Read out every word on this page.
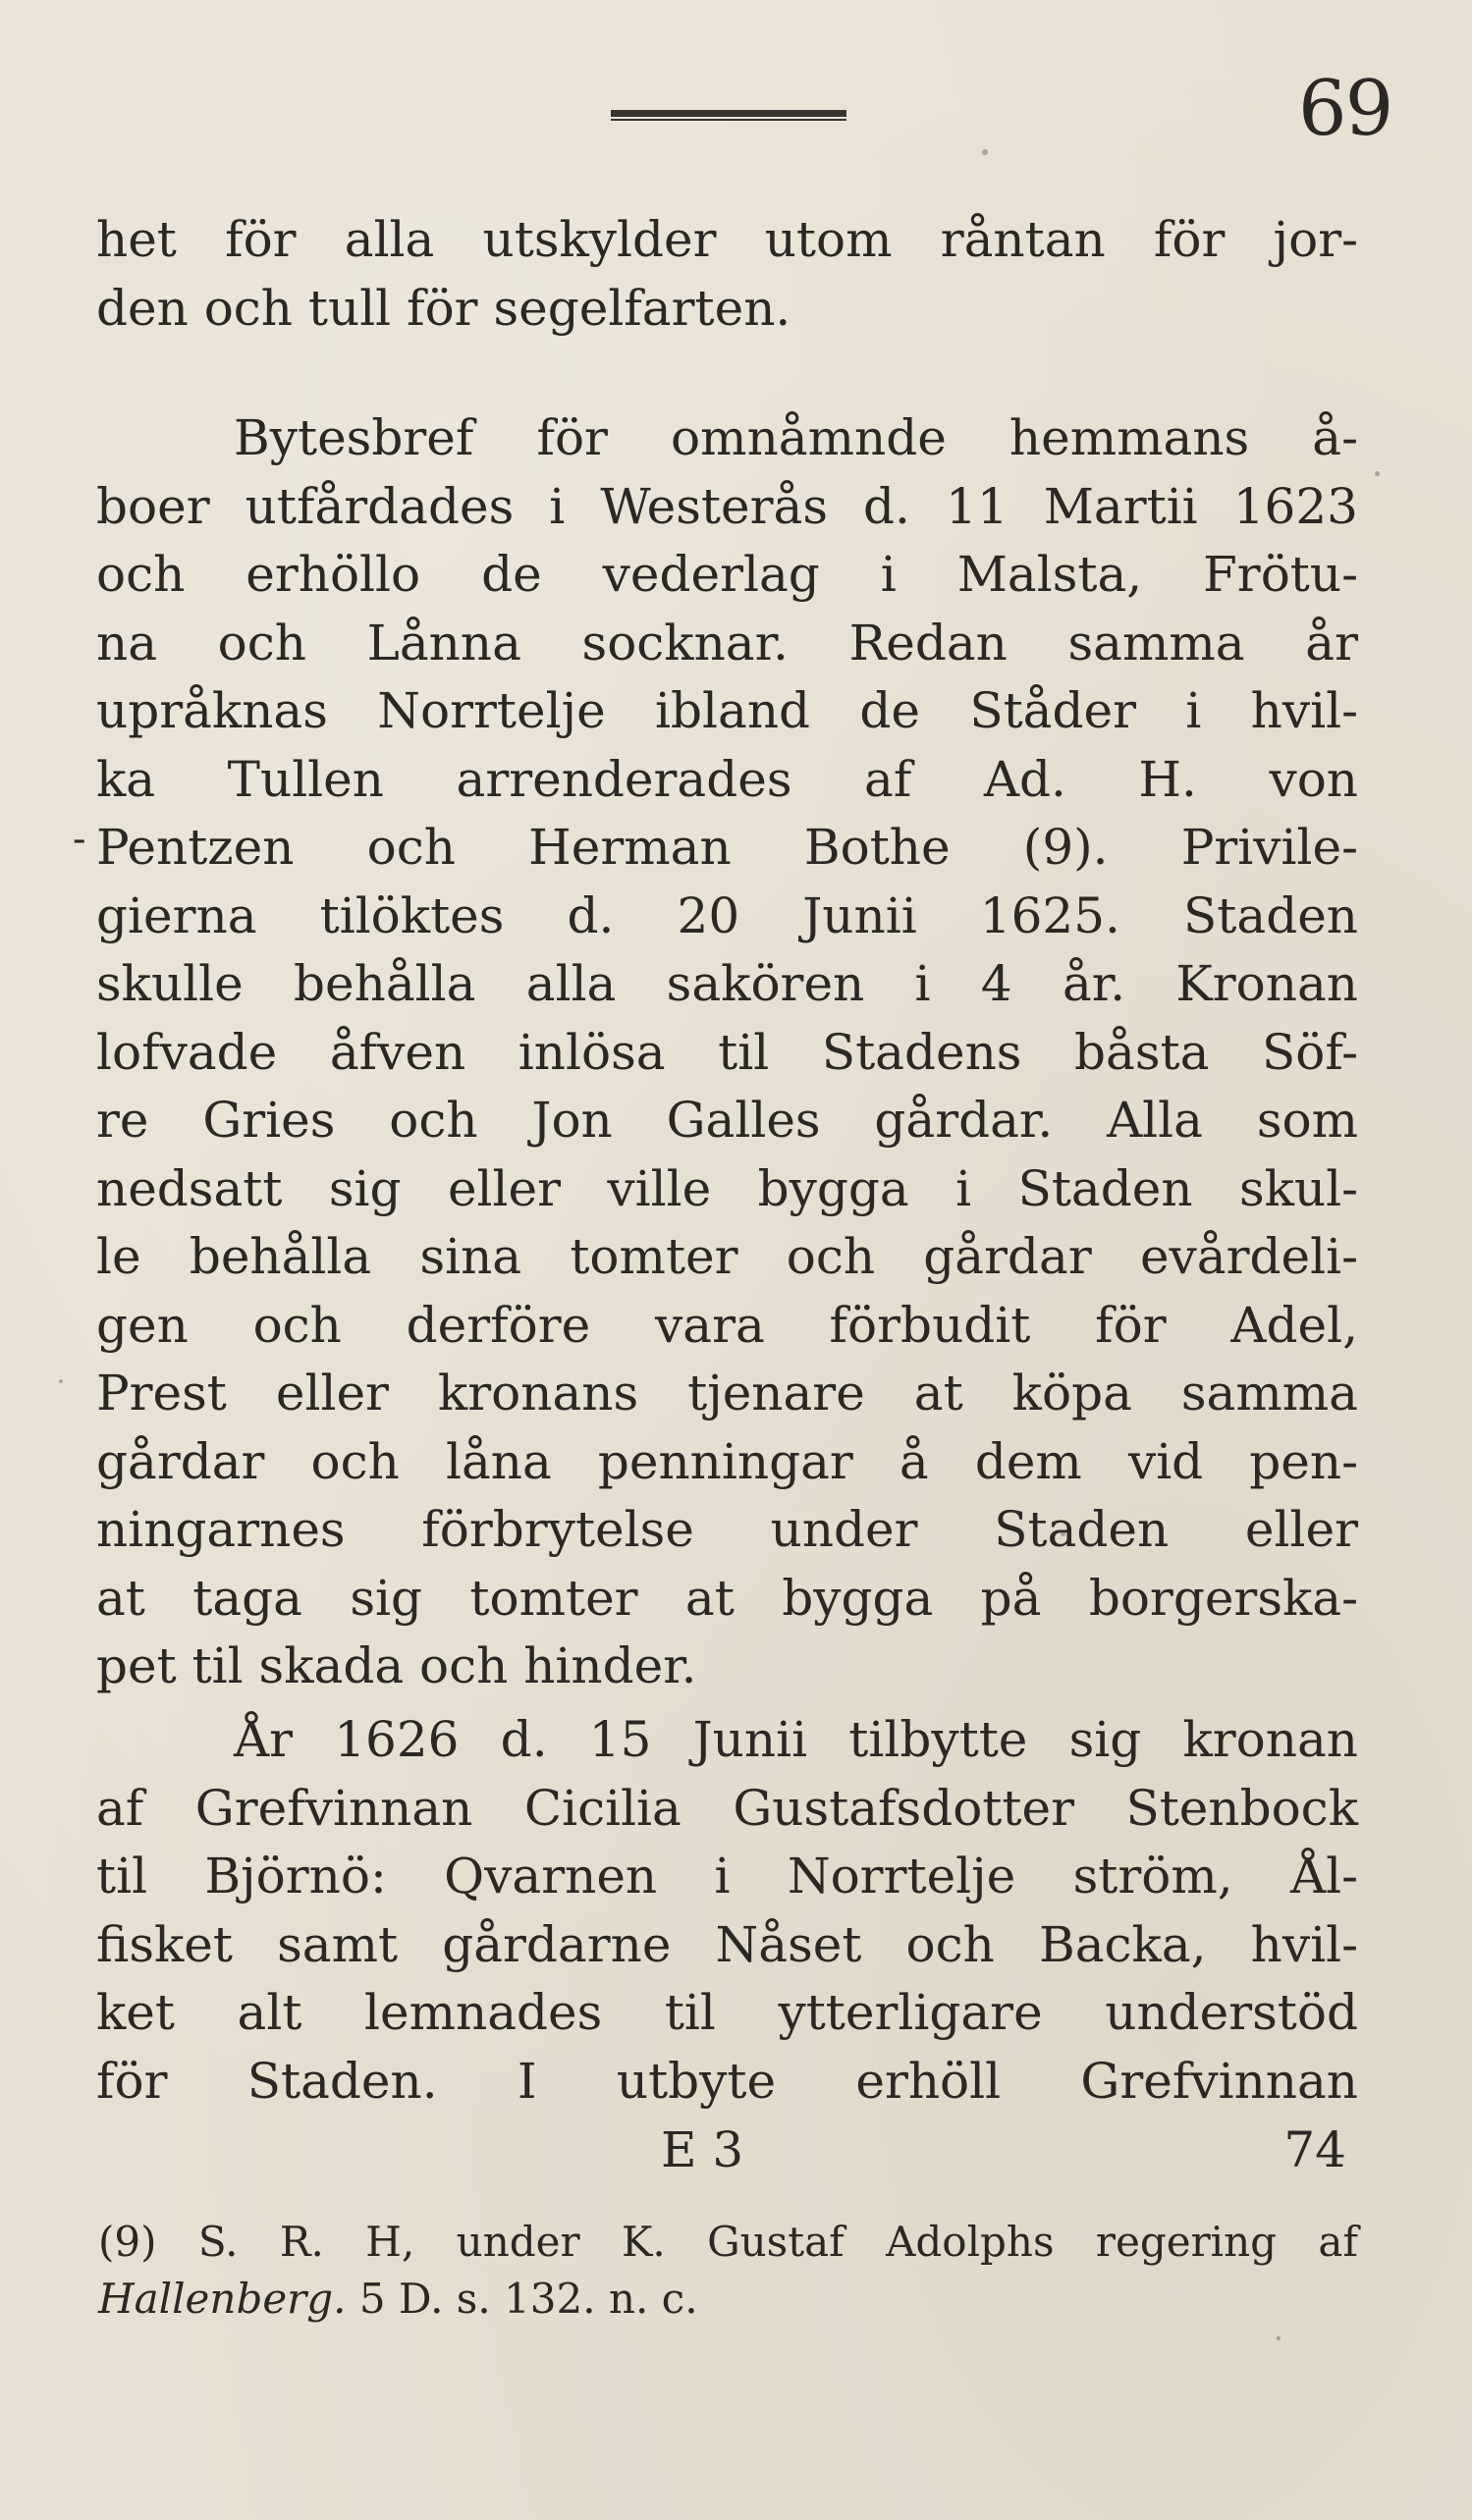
69
-
het för alla utskylder utom råntan för jor-
den och tull för segelfarten.
Bytesbref för omnåmnde hemmans å-
boer utfårdades i Westerås d. 11 Martii 1623
och erhöllo de vederlag i Malsta, Frötu-
na och Lånna socknar. Redan samma år
upråknas Norrtelje ibland de Ståder i hvil-
ka Tullen arrenderades af Ad. H. von
Pentzen och Herman Bothe (9). Privile-
gierna tilöktes d. 20 Junii 1625. Staden
skulle behålla alla sakören i 4 år. Kronan
lofvade åfven inlösa til Stadens båsta Söf-
re Gries och Jon Galles gårdar. Alla som
nedsatt sig eller ville bygga i Staden skul-
le behålla sina tomter och gårdar evårdeli-
gen och derföre vara förbudit för Adel,
Prest eller kronans tjenare at köpa samma
gårdar och låna penningar å dem vid pen-
ningarnes förbrytelse under Staden eller
at taga sig tomter at bygga på borgerska-
pet til skada och hinder.
År 1626 d. 15 Junii tilbytte sig kronan
af Grefvinnan Cicilia Gustafsdotter Stenbock
til Björnö: Qvarnen i Norrtelje ström, Ål-
fisket samt gårdarne Nåset och Backa, hvil-
ket alt lemnades til ytterligare understöd
för Staden. I utbyte erhöll Grefvinnan
E 3	74
(9) S. R. H, under K. Gustaf Adolphs regering af
Hallenberg. 5 D. s. 132. n. c.
